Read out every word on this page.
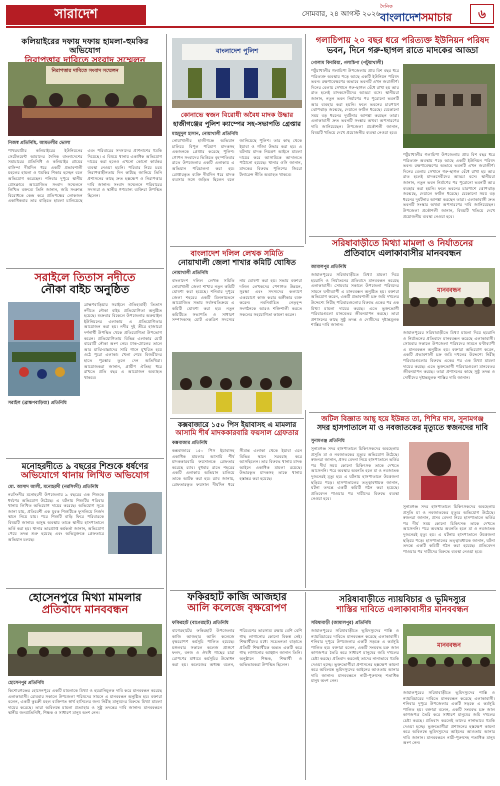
সারাদেশ	সোমবার, ২৪ আগস্ট ২০২৬
দৈনিক
বাংলাদেশসমাচার	৬
কলিয়াইরের দফায় দফায় হামলা-হুমকির অভিযোগ
নিরাপত্তার দাবিতে সংবাদ সম্মেলন
নিজস্ব প্রতিনিধি, আমতলীর ভোলা
পাথরঘাটার কলিয়াইরের ইউনিয়নের সেটেলমেন্ট আমাদের দৈনিক বাংলাদেশের সমাচারের প্রতিনিধি ও কলিয়াইর গ্রামের বাসিন্দা দীর্ঘদিন ধরে একটি প্রভাবশালী মহলের হামলা ও হুমকির শিকার হচ্ছেন বলে অভিযোগ করেছেন। শনিবার দুপুরে স্থানীয় প্রেসক্লাবে আয়োজিত সংবাদ সম্মেলনে লিখিত বক্তব্যে তিনি জানান, জমি সংক্রান্ত বিরোধকে কেন্দ্র করে প্রতিপক্ষের লোকজন একাধিকবার তার বাড়িতে হামলা চালিয়েছে এবং পরিবারের সদস্যদের প্রাণনাশের হুমকি দিয়েছে। এ বিষয়ে থানায় একাধিক অভিযোগ দায়ের করা হলেও এখনো কোনো কার্যকর ব্যবস্থা নেওয়া হয়নি। পরিবার নিয়ে চরম নিরাপত্তাহীনতায় দিন কাটছে জানিয়ে তিনি প্রশাসনের কাছে দ্রুত হস্তক্ষেপ ও নিরাপত্তার দাবি জানান। সংবাদ সম্মেলনে পরিবারের সদস্যরা ও স্থানীয় গণ্যমান্য ব্যক্তিরা উপস্থিত ছিলেন।
সরাইলে তিতাস নদীতে
নৌকা বাইচ অনুষ্ঠিত
ব্রাহ্মণবাড়িয়ার সরাইলে ঐতিহ্যবাহী তিতাস নদীতে নৌকা বাইচ প্রতিযোগিতা অনুষ্ঠিত হয়েছে। শুক্রবার বিকেলে উপজেলার অরুয়াইল ইউনিয়নের এলাকায় এ প্রতিযোগিতার আয়োজন করা হয়। নদীর দুই তীরে হাজারো দর্শনার্থী উপস্থিত থেকে প্রতিযোগিতা উপভোগ করেন। প্রতিযোগিতায় বিভিন্ন এলাকার মোট বারোটি নৌকা অংশ নেয়। ঢাক-ঢোলের তালে আর মাঝি-মাল্লাদের সারি গানে মুখরিত হয়ে ওঠে পুরো এলাকা। খেলা শেষে বিজয়ীদের হাতে পুরস্কার তুলে দেন অতিথিরা। আয়োজকরা জানান, গ্রামীণ ঐতিহ্য ধরে রাখতে প্রতি বছর এ আয়োজন অব্যাহত থাকবে।
সরাইল (ব্রাহ্মণবাড়িয়া) প্রতিনিধি
মনোহরদীতে ৯ বছরের শিশুকে ধর্ষণের
অভিযোগে থানায় লিখিত অভিযোগ
মো. আসাদ আলী, মনোহরদী (নরসিংদী) প্রতিনিধি
নরসিংদীর মনোহরদী উপজেলায় ৯ বছরের এক শিশুকে ধর্ষণের অভিযোগ উঠেছে। এ ঘটনায় শিশুটির পরিবার থানায় লিখিত অভিযোগ দায়ের করেছে। অভিযোগ সূত্রে জানা যায়, প্রতিবেশী এক যুবক শিশুটিকে ফুসলিয়ে নির্জন স্থানে নিয়ে যায়। পরে শিশুটি বাড়ি ফিরে পরিবারকে বিষয়টি জানায়। অসুস্থ অবস্থায় তাকে স্থানীয় হাসপাতালে ভর্তি করা হয়। থানার ভারপ্রাপ্ত কর্মকর্তা জানান, অভিযোগ পেয়ে তদন্ত শুরু হয়েছে এবং অভিযুক্তকে গ্রেফতারে অভিযান চলছে।
হোসেনপুরে মিথ্যা মামলার
প্রতিবাদে মানববন্ধন
হোসেনপুর প্রতিনিধি
কিশোরগঞ্জের হোসেনপুরে একটি মামলাকে মিথ্যা ও হয়রানিমূলক দাবি করে মানববন্ধন করেছে এলাকাবাসী। রোববার সকালে উপজেলা পরিষদের সামনে এ মানববন্ধন অনুষ্ঠিত হয়। বক্তারা বলেন, একটি কুচক্রী মহল ব্যক্তিগত স্বার্থ হাসিলের জন্য নিরীহ মানুষদের বিরুদ্ধে মিথ্যা মামলা দায়ের করেছে। তারা অবিলম্বে মামলা প্রত্যাহার ও সুষ্ঠু তদন্তের দাবি জানান। মানববন্ধনে স্থানীয় জনপ্রতিনিধি, শিক্ষক ও সাধারণ মানুষ অংশ নেন।
বাংলাদেশ পুলিশ
কোনাভে স্বজন বিরোধী অবৈধ মাদক উদ্ধার
হাজীগঞ্জের পুলিশ ক্যাম্পের সহ-সভাপতি গ্রেপ্তার
মাহমুদুল হাসান, নোয়াখালী প্রতিনিধি
নোয়াখালীর হাজীগঞ্জে অভিযান চালিয়ে বিপুল পরিমাণ মাদকসহ একজনকে গ্রেপ্তার করেছে পুলিশ। গোপন সংবাদের ভিত্তিতে বৃহস্পতিবার রাতে উপজেলার একটি এলাকায় এ অভিযান পরিচালনা করা হয়। গ্রেপ্তারকৃত ব্যক্তি দীর্ঘদিন ধরে মাদক ব্যবসার সঙ্গে জড়িত ছিলেন বলে জানিয়েছে পুলিশ। তার কাছ থেকে ইয়াবা ও গাঁজা উদ্ধার করা হয়। এ ঘটনায় মাদক নিয়ন্ত্রণ আইনে মামলা দায়ের করে আসামিকে আদালতে পাঠানো হয়েছে। থানার ওসি জানান, মাদকের বিরুদ্ধে পুলিশের জিরো টলারেন্স নীতি অব্যাহত থাকবে।
গলাচিপায় ২০ বছর ধরে পরিত্যক্ত ইউনিয়ন পরিষদ
ভবন, দিনে গরু-ছাগল রাতে মাদকের আড্ডা
গোলাম কিবরিয়া, গলাচিপা (পটুয়াখালী)
পটুয়াখালীর গলাচিপা উপজেলায় প্রায় বিশ বছর ধরে পরিত্যক্ত অবস্থায় পড়ে আছে একটি ইউনিয়ন পরিষদ ভবন। রক্ষণাবেক্ষণের অভাবে ভবনটি এখন জরাজীর্ণ। দিনের বেলায় সেখানে গরু-ছাগল বেঁধে রাখা হয় আর রাত হলেই মাদকসেবীদের আড্ডা বসে। স্থানীয়রা জানান, নতুন ভবন নির্মাণের পর পুরোনো ভবনটি আর ব্যবহার করা হয়নি। ফলে ভবনের চারপাশে ঝোপঝাড় জন্মেছে, দেয়ালে ফাটল ধরেছে। যেকোনো সময় বড় ধরনের দুর্ঘটনার আশঙ্কা করছেন তারা। এলাকাবাসী দ্রুত ভবনটি সংস্কার অথবা অপসারণের দাবি জানিয়েছেন। উপজেলা প্রকৌশলী জানান, বিষয়টি খতিয়ে দেখে প্রয়োজনীয় ব্যবস্থা নেওয়া হবে।
পটুয়াখালীর গলাচিপা উপজেলায় প্রায় বিশ বছর ধরে পরিত্যক্ত অবস্থায় পড়ে আছে একটি ইউনিয়ন পরিষদ ভবন। রক্ষণাবেক্ষণের অভাবে ভবনটি এখন জরাজীর্ণ। দিনের বেলায় সেখানে গরু-ছাগল বেঁধে রাখা হয় আর রাত হলেই মাদকসেবীদের আড্ডা বসে। স্থানীয়রা জানান, নতুন ভবন নির্মাণের পর পুরোনো ভবনটি আর ব্যবহার করা হয়নি। ফলে ভবনের চারপাশে ঝোপঝাড় জন্মেছে, দেয়ালে ফাটল ধরেছে। যেকোনো সময় বড় ধরনের দুর্ঘটনার আশঙ্কা করছেন তারা। এলাকাবাসী দ্রুত ভবনটি সংস্কার অথবা অপসারণের দাবি জানিয়েছেন। উপজেলা প্রকৌশলী জানান, বিষয়টি খতিয়ে দেখে প্রয়োজনীয় ব্যবস্থা নেওয়া হবে।
সরিষাবাড়ীতে মিথ্যা মামলা ও নির্যাতনের
প্রতিবাদে এলাকাবাসীর মানববন্ধন
জামালপুর প্রতিনিধি
জামালপুরের সরিষাবাড়ীতে মিথ্যা মামলা দিয়ে হয়রানি ও নির্যাতনের প্রতিবাদে মানববন্ধন করেছে এলাকাবাসী। সোমবার সকালে উপজেলা পরিষদের সামনে ঘণ্টাব্যাপী এ মানববন্ধন অনুষ্ঠিত হয়। বক্তারা অভিযোগ করেন, একটি প্রভাবশালী চক্র জমি দখলের উদ্দেশ্যে নিরীহ পরিবারগুলোর বিরুদ্ধে একের পর এক মিথ্যা মামলা দায়ের করছে। এতে ভুক্তভোগী পরিবারগুলো মানবেতর জীবনযাপন করছে। তারা প্রশাসনের কাছে সুষ্ঠু তদন্ত ও দোষীদের দৃষ্টান্তমূলক শাস্তির দাবি জানান।
মানববন্ধন
জামালপুরের সরিষাবাড়ীতে মিথ্যা মামলা দিয়ে হয়রানি ও নির্যাতনের প্রতিবাদে মানববন্ধন করেছে এলাকাবাসী। সোমবার সকালে উপজেলা পরিষদের সামনে ঘণ্টাব্যাপী এ মানববন্ধন অনুষ্ঠিত হয়। বক্তারা অভিযোগ করেন, একটি প্রভাবশালী চক্র জমি দখলের উদ্দেশ্যে নিরীহ পরিবারগুলোর বিরুদ্ধে একের পর এক মিথ্যা মামলা দায়ের করছে। এতে ভুক্তভোগী পরিবারগুলো মানবেতর জীবনযাপন করছে। তারা প্রশাসনের কাছে সুষ্ঠু তদন্ত ও দোষীদের দৃষ্টান্তমূলক শাস্তির দাবি জানান।
বাংলাদেশ দলিল লেখক সমিতি
নোয়াখালী জেলা শাখার কমিটি ঘোষিত
নোয়াখালী প্রতিনিধি
বাংলাদেশ দলিল লেখক সমিতি নোয়াখালী জেলা শাখার নতুন কমিটি ঘোষণা করা হয়েছে। শনিবার দুপুরে জেলা শহরের একটি মিলনায়তনে আয়োজিত সভায় সর্বসম্মতিক্রমে এ কমিটি ঘোষণা করা হয়। নতুন কমিটিতে সভাপতি ও সাধারণ সম্পাদকসহ মোট একত্রিশ সদস্যের নাম ঘোষণা করা হয়। সভায় বক্তারা দলিল লেখকদের পেশাগত উন্নয়ন, সুরক্ষা এবং সদস্যদের কল্যাণে একযোগে কাজ করার অঙ্গীকার ব্যক্ত করেন। নবনির্বাচিত নেতৃবৃন্দ সংগঠনকে আরও শক্তিশালী করতে সকলের সহযোগিতা কামনা করেন।
কক্সবাজারে ১৫০ পিস ইয়াবাসহ এ মামলার
আসামি শীর্ষ মাদককারবারি ফয়সাল গ্রেফতার
কক্সবাজার প্রতিনিধি
কক্সবাজারে ১৫০ পিস ইয়াবাসহ একাধিক মামলার আসামি শীর্ষ মাদককারবারি ফয়সালকে গ্রেফতার করেছে র‍্যাব। বুধবার রাতে শহরের একটি এলাকায় অভিযান চালিয়ে তাকে আটক করা হয়। র‍্যাব জানায়, গ্রেফতারকৃত ফয়সাল দীর্ঘদিন ধরে সীমান্ত এলাকা থেকে ইয়াবা এনে বিভিন্ন স্থানে সরবরাহ করে আসছিলেন। তার বিরুদ্ধে থানায় মাদক আইনে একাধিক মামলা রয়েছে। উদ্ধারকৃত মাদকসহ তাকে থানায় হস্তান্তর করা হয়েছে।
জটিল বিজ্ঞাত আছ্ হয়ে ইউন্নত তা, শিশির দাস, সুনামগঞ্জ
সদর হাসপাতালে মা ও নবজাতকের মৃত্যুতে স্বজনদের দাবি
সুনামগঞ্জ প্রতিনিধি
সুনামগঞ্জ সদর হাসপাতালে চিকিৎসকদের অবহেলায় প্রসূতি মা ও নবজাতকের মৃত্যুর অভিযোগ উঠেছে। স্বজনরা জানান, প্রসব বেদনা নিয়ে হাসপাতালে ভর্তির পর দীর্ঘ সময় কোনো চিকিৎসক তাকে দেখতে আসেননি। পরে অবস্থার অবনতি হলে মা ও নবজাতক দুজনেরই মৃত্যু হয়। এ ঘটনায় হাসপাতালে উত্তেজনা ছড়িয়ে পড়ে। হাসপাতালের তত্ত্বাবধায়ক জানান, ঘটনা তদন্তে একটি কমিটি গঠন করা হয়েছে। প্রতিবেদন পাওয়ার পর দায়ীদের বিরুদ্ধে ব্যবস্থা নেওয়া হবে।
সুনামগঞ্জ সদর হাসপাতালে চিকিৎসকদের অবহেলায় প্রসূতি মা ও নবজাতকের মৃত্যুর অভিযোগ উঠেছে। স্বজনরা জানান, প্রসব বেদনা নিয়ে হাসপাতালে ভর্তির পর দীর্ঘ সময় কোনো চিকিৎসক তাকে দেখতে আসেননি। পরে অবস্থার অবনতি হলে মা ও নবজাতক দুজনেরই মৃত্যু হয়। এ ঘটনায় হাসপাতালে উত্তেজনা ছড়িয়ে পড়ে। হাসপাতালের তত্ত্বাবধায়ক জানান, ঘটনা তদন্তে একটি কমিটি গঠন করা হয়েছে। প্রতিবেদন পাওয়ার পর দায়ীদের বিরুদ্ধে ব্যবস্থা নেওয়া হবে।
ফকিরহাট কাজি আজহার
আলি কলেজে বৃক্ষরোপণ
ফকিরহাট (বাগেরহাট) প্রতিনিধি
বাগেরহাটের ফকিরহাট উপজেলার কাজি আজহার আলি কলেজে বৃক্ষরোপণ কর্মসূচি পালিত হয়েছে। মঙ্গলবার সকালে কলেজ প্রাঙ্গণে ফলদ, বনজ ও ঔষধি গাছের চারা রোপণের মাধ্যমে কর্মসূচির উদ্বোধন করা হয়। কলেজের অধ্যক্ষ বলেন, পরিবেশের ভারসাম্য রক্ষায় বেশি বেশি গাছ লাগানোর কোনো বিকল্প নেই। শিক্ষার্থীদের মধ্যে সচেতনতা বাড়াতে প্রতিটি শিক্ষার্থীকে অন্তত একটি করে গাছ লাগানোর আহ্বান জানান তিনি। অনুষ্ঠানে শিক্ষক, শিক্ষার্থী ও অভিভাবকরা উপস্থিত ছিলেন।
সরিষাবাড়ীতে ন্যায়বিচার ও ভূমিদস্যুর
শাস্তির দাবিতে এলাকাবাসীর মানববন্ধন
সরিষাবাড়ী (জামালপুর) প্রতিনিধি
জামালপুরের সরিষাবাড়ীতে ভূমিদস্যুদের শাস্তি ও ন্যায়বিচারের দাবিতে মানববন্ধন করেছে এলাকাবাসী। শনিবার দুপুরে উপজেলার একটি সড়কে এ কর্মসূচি পালিত হয়। বক্তারা বলেন, একটি সংঘবদ্ধ চক্র জাল কাগজপত্র তৈরি করে সাধারণ মানুষের জমি দখলের চেষ্টা করছে। প্রতিবাদ করলেই তাদের নানাভাবে হুমকি দেওয়া হচ্ছে। ভুক্তভোগীরা প্রশাসনের হস্তক্ষেপ কামনা করে অবিলম্বে ভূমিদস্যুদের আইনের আওতায় আনার দাবি জানান। মানববন্ধনে নারী-পুরুষসহ শতাধিক মানুষ অংশ নেন।
মানববন্ধন
জামালপুরের সরিষাবাড়ীতে ভূমিদস্যুদের শাস্তি ও ন্যায়বিচারের দাবিতে মানববন্ধন করেছে এলাকাবাসী। শনিবার দুপুরে উপজেলার একটি সড়কে এ কর্মসূচি পালিত হয়। বক্তারা বলেন, একটি সংঘবদ্ধ চক্র জাল কাগজপত্র তৈরি করে সাধারণ মানুষের জমি দখলের চেষ্টা করছে। প্রতিবাদ করলেই তাদের নানাভাবে হুমকি দেওয়া হচ্ছে। ভুক্তভোগীরা প্রশাসনের হস্তক্ষেপ কামনা করে অবিলম্বে ভূমিদস্যুদের আইনের আওতায় আনার দাবি জানান। মানববন্ধনে নারী-পুরুষসহ শতাধিক মানুষ অংশ নেন।
